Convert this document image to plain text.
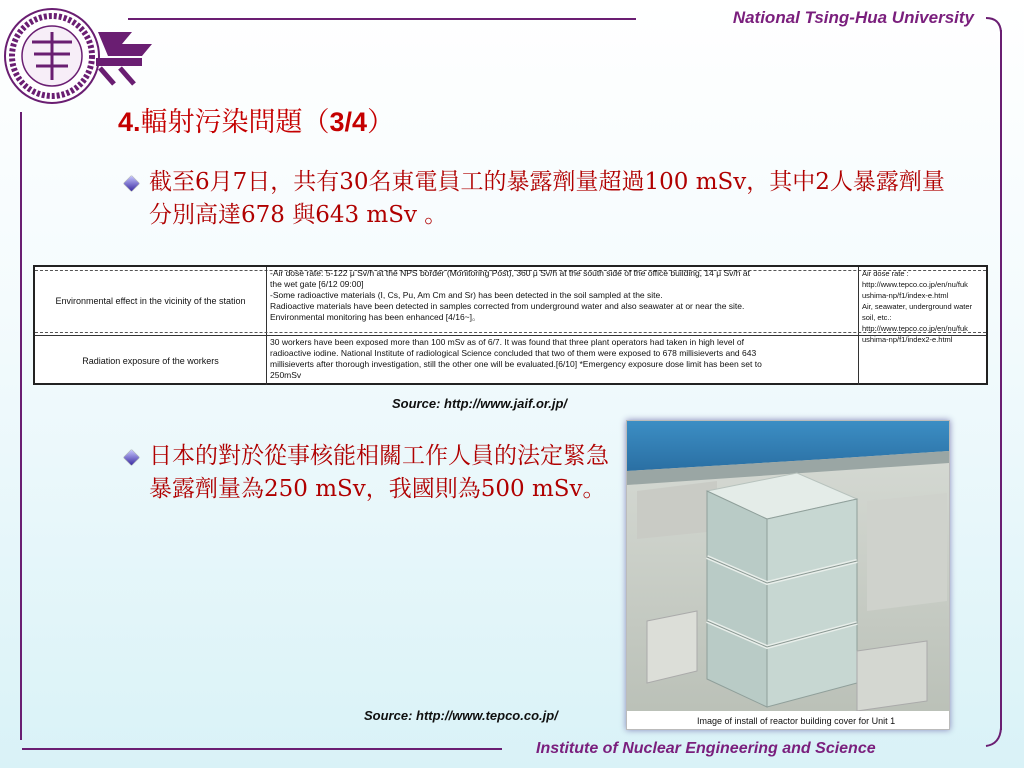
National Tsing-Hua University
Institute of Nuclear Engineering and Science
4.輻射污染問題（3/4）
截至6月7日，共有30名東電員工的暴露劑量超過100 mSv，其中2人暴露劑量分別高達678 與643 mSv 。
Environmental effect in the vicinity of the station
-Air dose rate: 5-122 μ Sv/h at the NPS border (Monitoring Post), 360 μ Sv/h at the south side of the office building, 14 μ Sv/h at
the wet gate [6/12 09:00]
-Some radioactive materials (I, Cs, Pu, Am Cm and Sr) has been detected in the soil sampled at the site.
Radioactive materials have been detected in samples corrected from underground water and also seawater at or near the site.
Environmental monitoring has been enhanced [4/16~]。
Air dose rate :
http://www.tepco.co.jp/en/nu/fuk
ushima-np/f1/index-e.html
Air, seawater, underground water
soil, etc.:
http://www.tepco.co.jp/en/nu/fuk
ushima-np/f1/index2-e.html
Radiation exposure of the workers
30 workers have been exposed more than 100 mSv as of 6/7. It was found that three plant operators had taken in high level of
radioactive iodine. National Institute of radiological Science concluded that two of them were exposed to 678 millisieverts and 643
millisieverts after thorough investigation, still the other one will be evaluated.[6/10] *Emergency exposure dose limit has been set to
250mSv
Source: http://www.jaif.or.jp/
日本的對於從事核能相關工作人員的法定緊急暴露劑量為250 mSv，我國則為500 mSv。
Image of install of reactor building cover for Unit 1
Source: http://www.tepco.co.jp/
